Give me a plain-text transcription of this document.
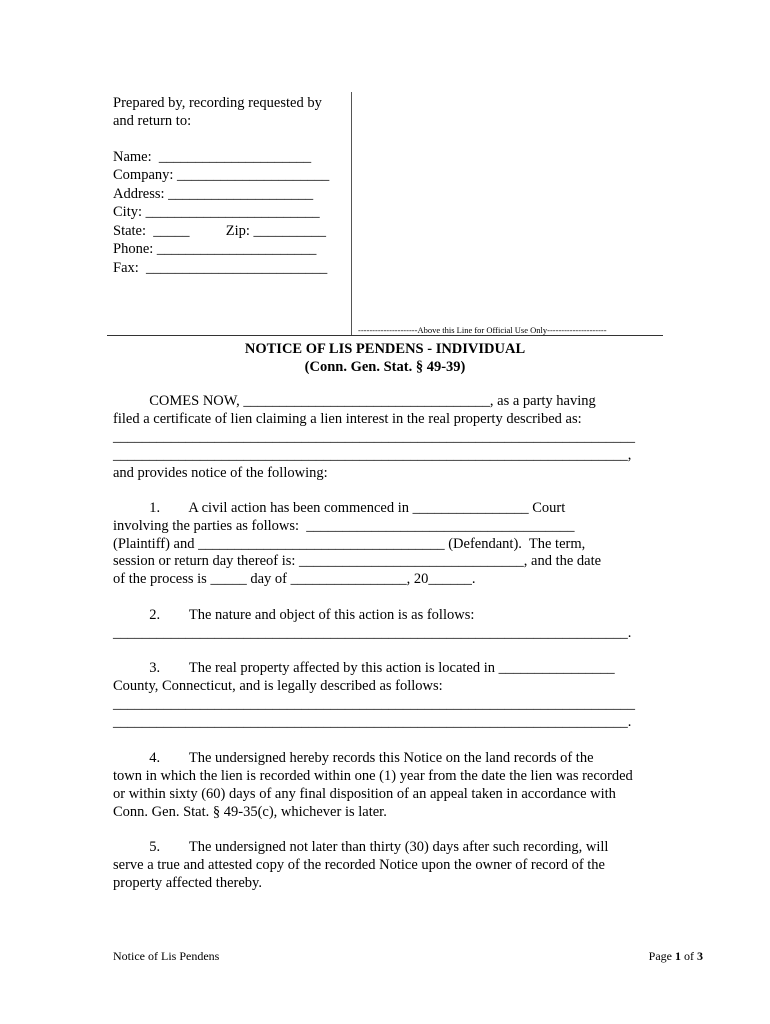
Prepared by, recording requested by
and return to:
Name:  _____________________
Company: _____________________
Address: ____________________
City: ________________________
State:  _____          Zip: __________
Phone: ______________________
Fax:  _________________________
---------------------Above this Line for Official Use Only---------------------
NOTICE OF LIS PENDENS - INDIVIDUAL
(Conn. Gen. Stat. § 49-39)
COMES NOW, __________________________________, as a party having
filed a certificate of lien claiming a lien interest in the real property described as:
________________________________________________________________________
_______________________________________________________________________,
and provides notice of the following:
1.        A civil action has been commenced in ________________ Court
involving the parties as follows:  _____________________________________
(Plaintiff) and __________________________________ (Defendant).  The term,
session or return day thereof is: _______________________________, and the date
of the process is _____ day of ________________, 20______.
2.        The nature and object of this action is as follows:
_______________________________________________________________________.
3.        The real property affected by this action is located in ________________
County, Connecticut, and is legally described as follows:
________________________________________________________________________
_______________________________________________________________________.
4.        The undersigned hereby records this Notice on the land records of the
town in which the lien is recorded within one (1) year from the date the lien was recorded
or within sixty (60) days of any final disposition of an appeal taken in accordance with
Conn. Gen. Stat. § 49-35(c), whichever is later.
5.        The undersigned not later than thirty (30) days after such recording, will
serve a true and attested copy of the recorded Notice upon the owner of record of the
property affected thereby.
Notice of Lis Pendens	Page 1 of 3
